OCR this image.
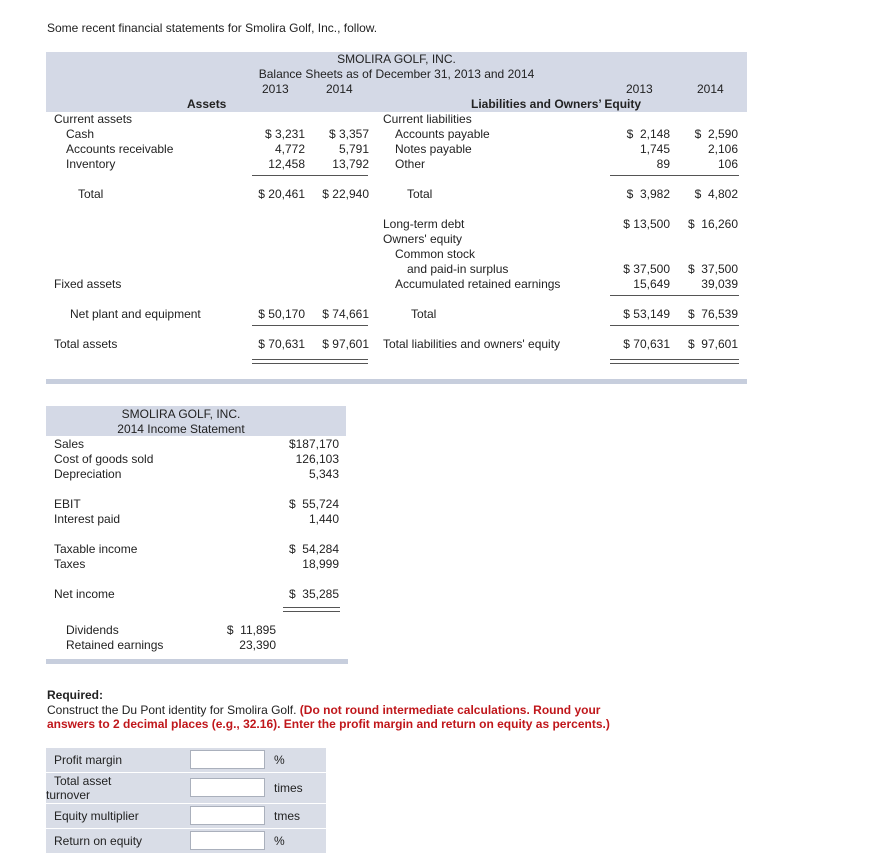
Some recent financial statements for Smolira Golf, Inc., follow.
SMOLIRA GOLF, INC.
Balance Sheets as of December 31, 2013 and 2014
2013	2014	2013	2014
Assets	Liabilities and Owners’ Equity
Current assets
Cash	$ 3,231	$ 3,357
Accounts receivable	4,772	5,791
Inventory	12,458	13,792
Total	$ 20,461	$ 22,940
Fixed assets
Net plant and equipment	$ 50,170	$ 74,661
Total assets	$ 70,631	$ 97,601
Current liabilities
Accounts payable	$  2,148	$  2,590
Notes payable	1,745	2,106
Other	89	106
Total	$  3,982	$  4,802
Long-term debt	$ 13,500	$  16,260
Owners' equity
Common stock
and paid-in surplus	$ 37,500	$  37,500
Accumulated retained earnings	15,649	39,039
Total	$ 53,149	$  76,539
Total liabilities and owners' equity	$ 70,631	$  97,601
SMOLIRA GOLF, INC.
2014 Income Statement
Sales	$187,170
Cost of goods sold	126,103
Depreciation	5,343
EBIT	$  55,724
Interest paid	1,440
Taxable income	$  54,284
Taxes	18,999
Net income	$  35,285
Dividends	$  11,895
Retained earnings	23,390
Required:
Construct the Du Pont identity for Smolira Golf. (Do not round intermediate calculations. Round your
answers to 2 decimal places (e.g., 32.16). Enter the profit margin and return on equity as percents.)
Profit margin	%
Total asset
turnover	times
Equity multiplier	tmes
Return on equity	%
